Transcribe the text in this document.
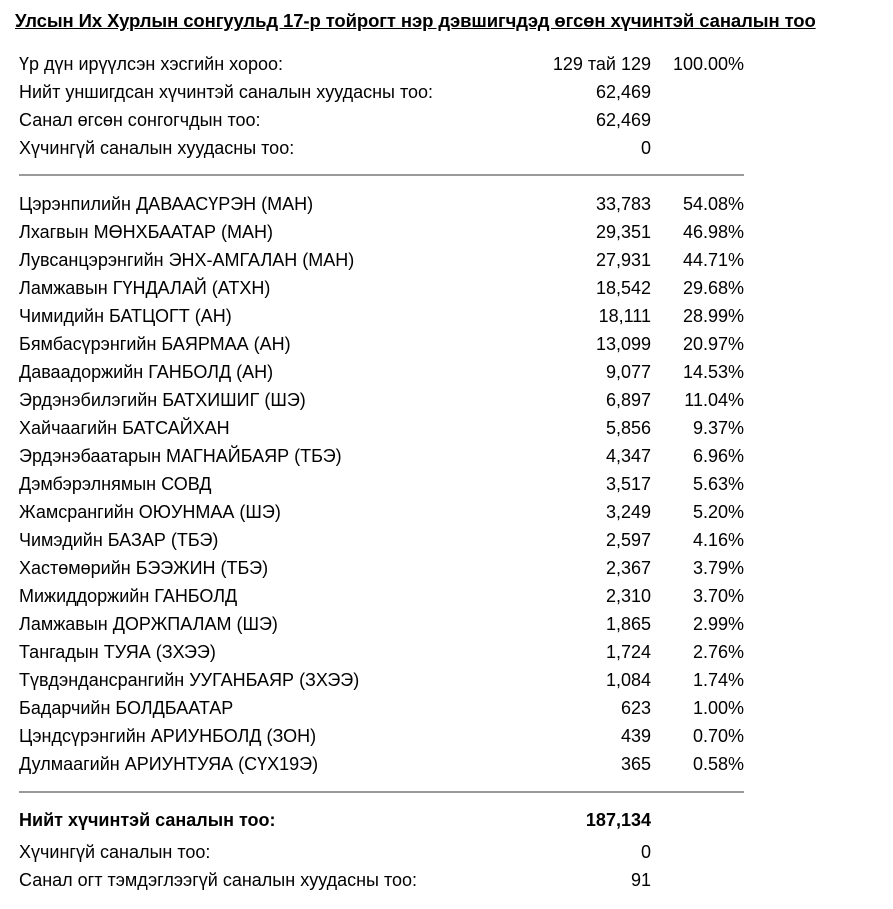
Улсын Их Хурлын сонгуульд 17-р тойрогт нэр дэвшигчдэд өгсөн хүчинтэй саналын тоо
Үр дүн ирүүлсэн хэсгийн хороо:	129 тай 129 100.00%
Нийт уншигдсан хүчинтэй саналын хуудасны тоо:	62,469
Санал өгсөн сонгогчдын тоо:	62,469
Хүчингүй саналын хуудасны тоо:	0
Цэрэнпилийн ДАВААСҮРЭН (МАН)	33,783 54.08%
Лхагвын МӨНХБААТАР (МАН)	29,351 46.98%
Лувсанцэрэнгийн ЭНХ-АМГАЛАН (МАН)	27,931 44.71%
Ламжавын ГҮНДАЛАЙ (АТХН)	18,542 29.68%
Чимидийн БАТЦОГТ (АН)	18,111 28.99%
Бямбасүрэнгийн БАЯРМАА (АН)	13,099 20.97%
Даваадоржийн ГАНБОЛД (АН)	9,077 14.53%
Эрдэнэбилэгийн БАТХИШИГ (ШЭ)	6,897 11.04%
Хайчаагийн БАТСАЙХАН	5,856 9.37%
Эрдэнэбаатарын МАГНАЙБАЯР (ТБЭ)	4,347 6.96%
Дэмбэрэлнямын СОВД	3,517 5.63%
Жамсрангийн ОЮУНМАА (ШЭ)	3,249 5.20%
Чимэдийн БАЗАР (ТБЭ)	2,597 4.16%
Хастөмөрийн БЭЭЖИН (ТБЭ)	2,367 3.79%
Мижиддоржийн ГАНБОЛД	2,310 3.70%
Ламжавын ДОРЖПАЛАМ (ШЭ)	1,865 2.99%
Тангадын ТУЯА (ЗХЭЭ)	1,724 2.76%
Түвдэндансрангийн УУГАНБАЯР (ЗХЭЭ)	1,084 1.74%
Бадарчийн БОЛДБААТАР	623 1.00%
Цэндсүрэнгийн АРИУНБОЛД (ЗОН)	439 0.70%
Дулмаагийн АРИУНТУЯА (СҮХ19Э)	365 0.58%
Нийт хүчинтэй саналын тоо:	187,134
Хүчингүй саналын тоо:	0
Санал огт тэмдэглээгүй саналын хуудасны тоо:	91
